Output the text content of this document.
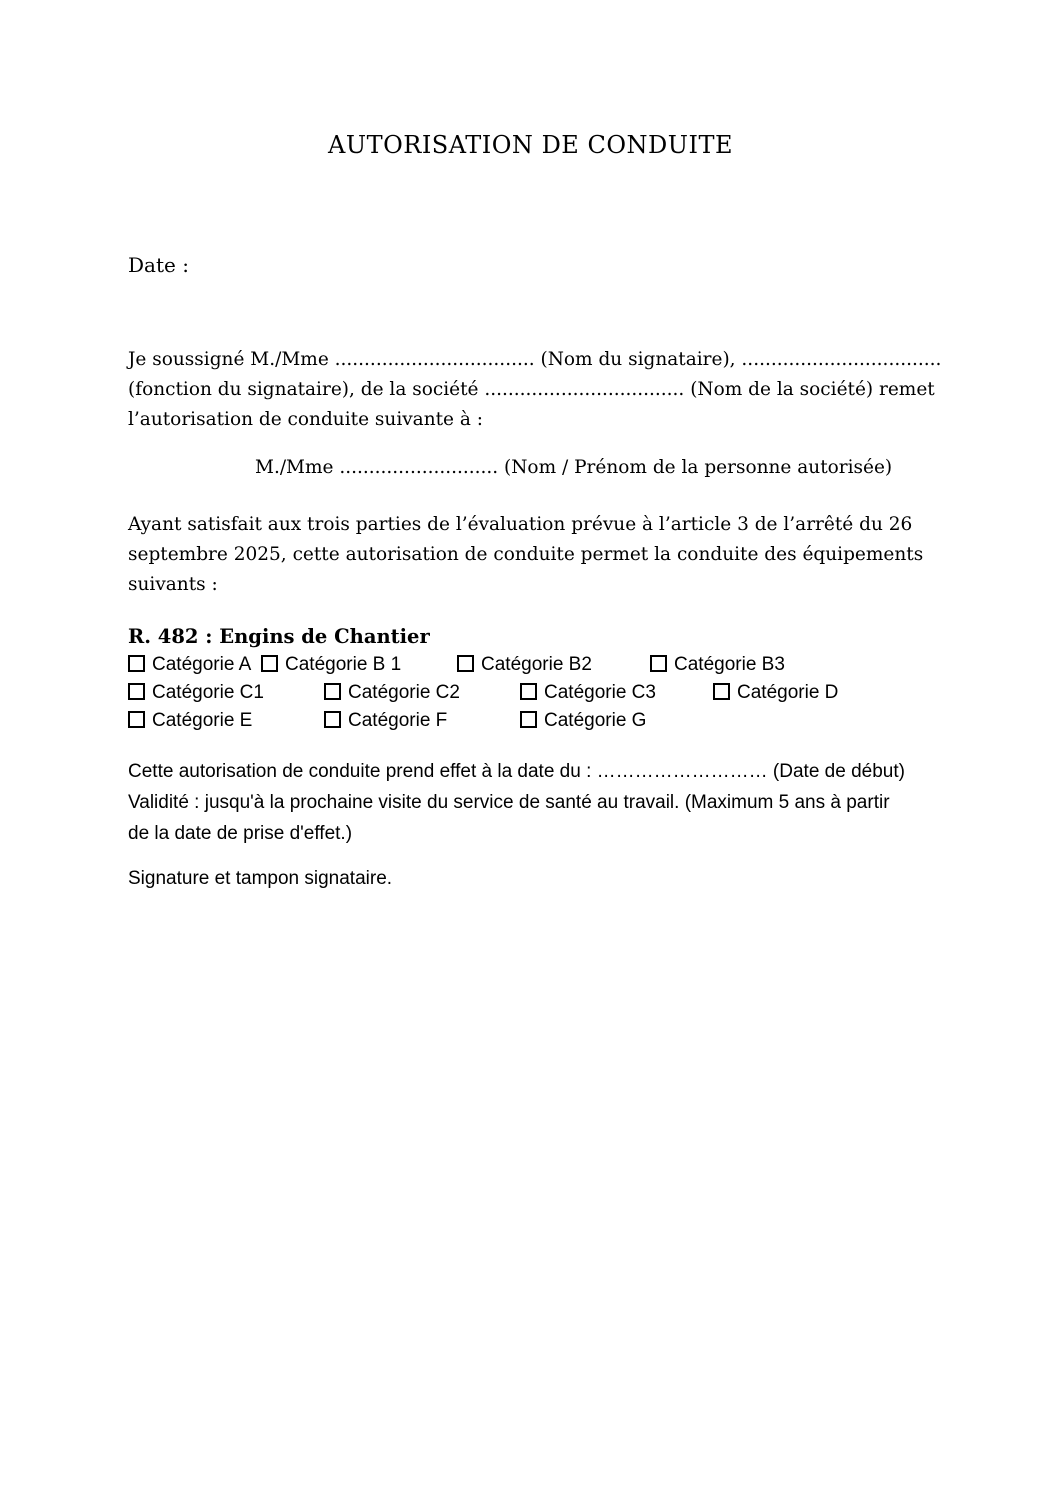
AUTORISATION DE CONDUITE
Date :
Je soussigné M./Mme .................................. (Nom du signataire), ..................................
(fonction du signataire), de la société .................................. (Nom de la société) remet
l’autorisation de conduite suivante à :
M./Mme ........................... (Nom / Prénom de la personne autorisée)
Ayant satisfait aux trois parties de l’évaluation prévue à l’article 3 de l’arrêté du 26
septembre 2025, cette autorisation de conduite permet la conduite des équipements
suivants :
R. 482 : Engins de Chantier
Catégorie A Catégorie B 1	Catégorie B2	Catégorie B3
Catégorie C1	Catégorie C2	Catégorie C3	Catégorie D
Catégorie E	Catégorie F	Catégorie G
Cette autorisation de conduite prend effet à la date du : ……………………… (Date de début)
Validité : jusqu'à la prochaine visite du service de santé au travail. (Maximum 5 ans à partir
de la date de prise d'effet.)
Signature et tampon signataire.
